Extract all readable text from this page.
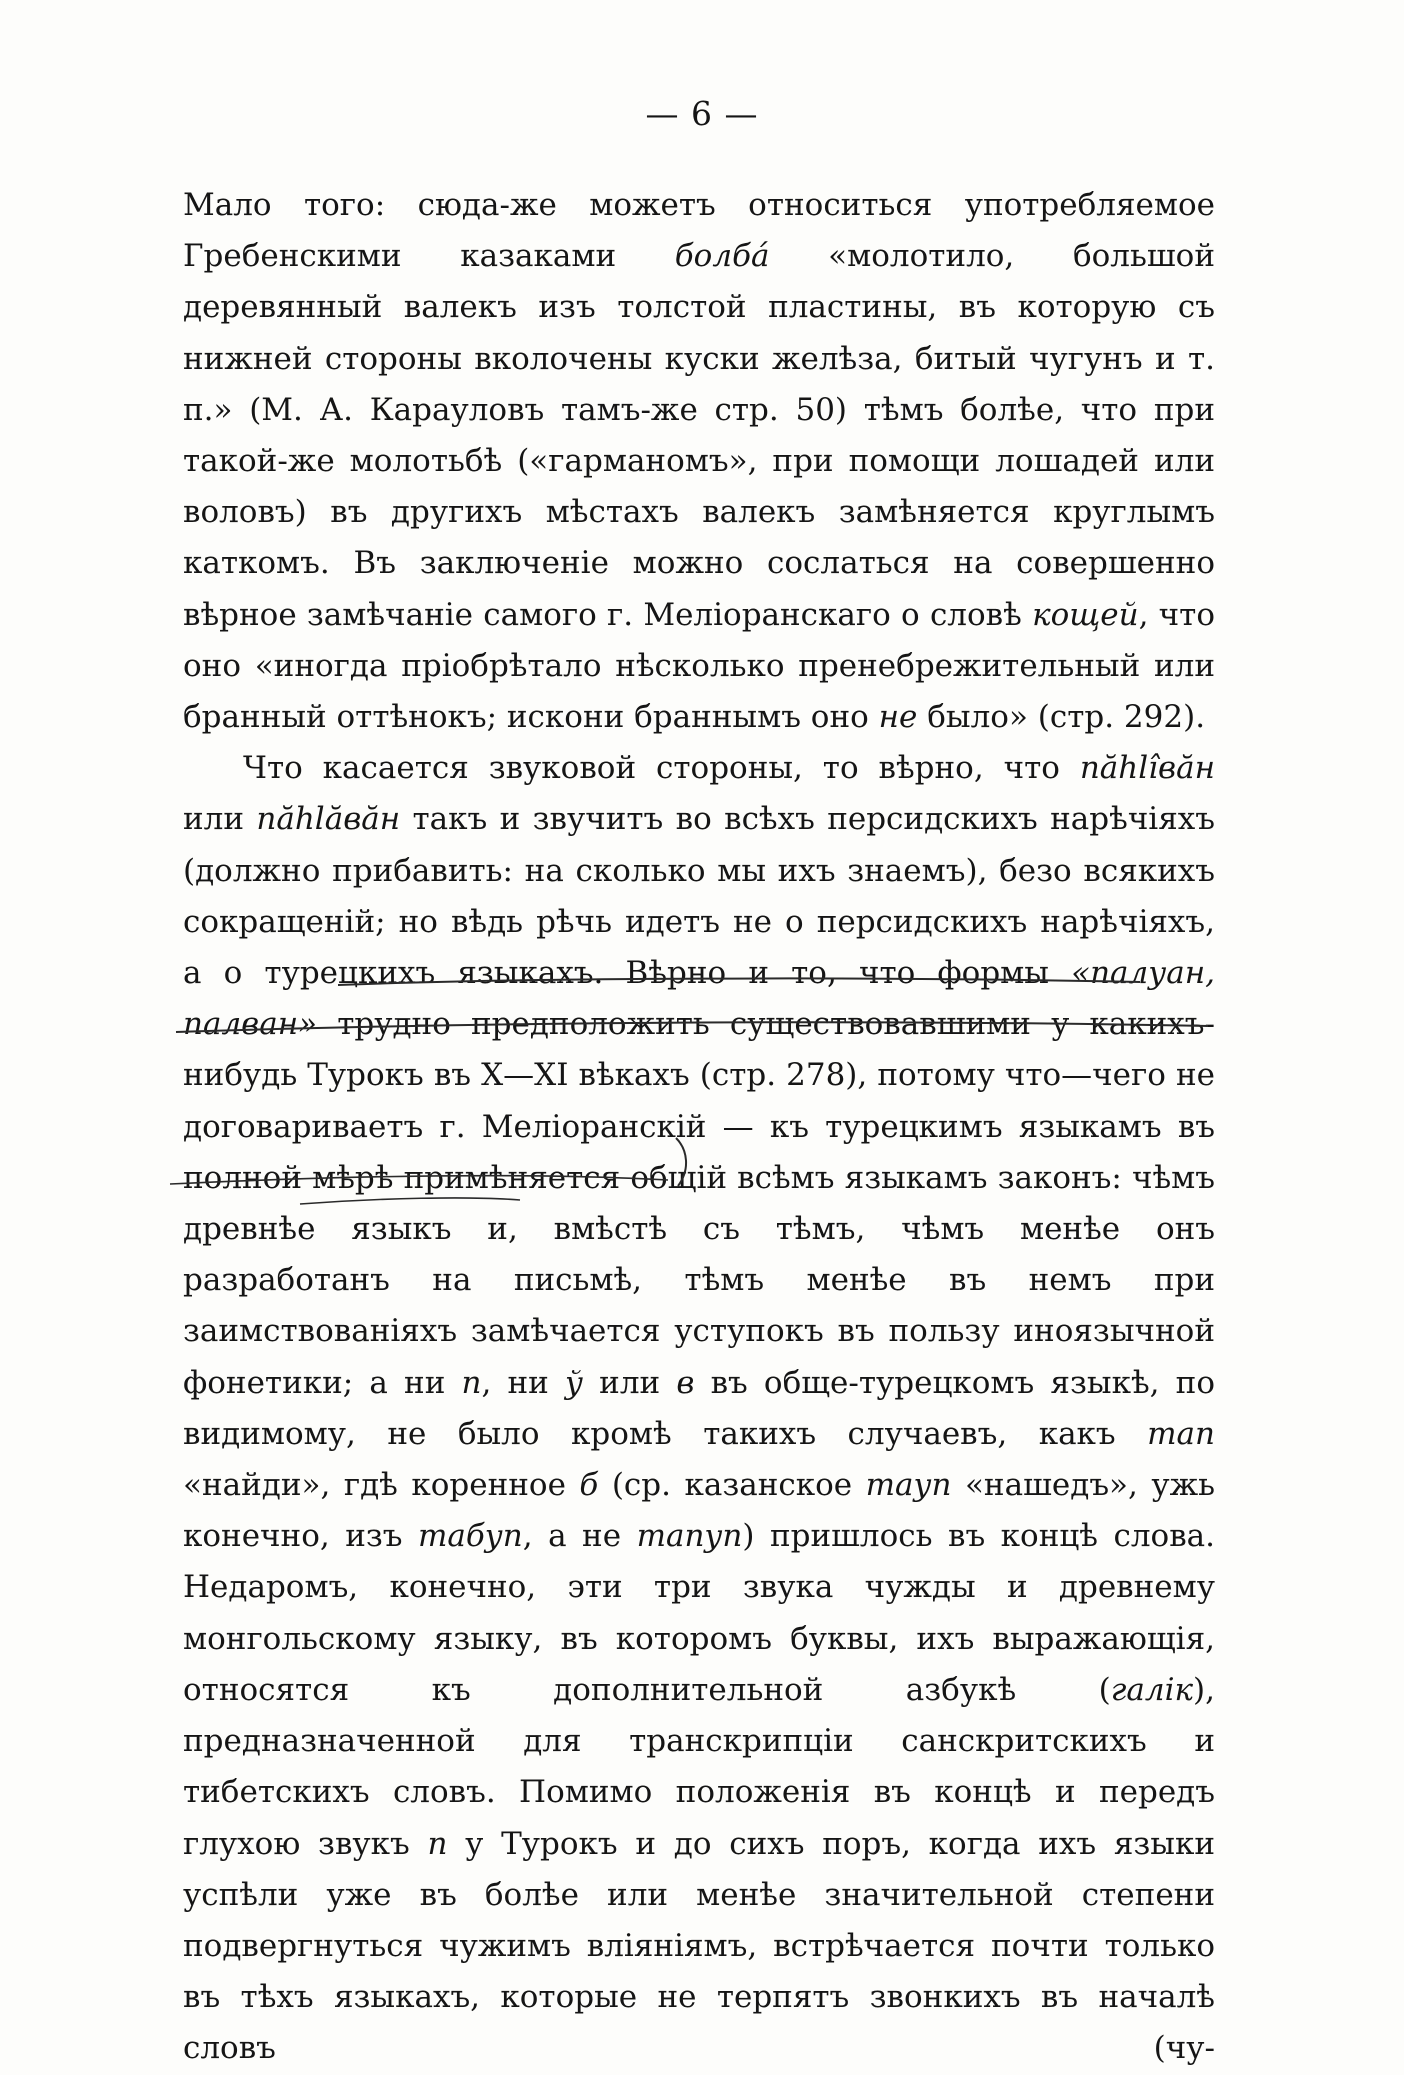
— 6 —

Мало того: сюда-же можетъ относиться употребляемое Гребенскими казаками болба́ «молотило, большой деревянный валекъ изъ толстой пластины, въ которую съ нижней стороны вколочены куски желѣза, битый чугунъ и т. п.» (М. А. Карауловъ тамъ-же стр. 50) тѣмъ болѣе, что при такой-же молотьбѣ («гарманомъ», при помощи лошадей или воловъ) въ другихъ мѣстахъ валекъ замѣняется круглымъ каткомъ. Въ заключеніе можно сослаться на совершенно вѣрное замѣчаніе самого г. Меліоранскаго о словѣ кощей, что оно «иногда пріобрѣтало нѣсколько пренебрежительный или бранный оттѣнокъ; искони браннымъ оно не было» (стр. 292).

Что касается звуковой стороны, то вѣрно, что пăhlîвăн или пăhlăвăн такъ и звучитъ во всѣхъ персидскихъ нарѣчіяхъ (должно прибавить: на сколько мы ихъ знаемъ), безо всякихъ сокращеній; но вѣдь рѣчь идетъ не о персидскихъ нарѣчіяхъ, а о турецкихъ языкахъ. Вѣрно и то, что формы «палуан, палван» трудно предположить существовавшими у какихъ-нибудь Турокъ въ X—XI вѣкахъ (стр. 278), потому что—чего не договариваетъ г. Меліоранскій — къ турецкимъ языкамъ въ полной мѣрѣ примѣняется общій всѣмъ языкамъ законъ: чѣмъ древнѣе языкъ и, вмѣстѣ съ тѣмъ, чѣмъ менѣе онъ разработанъ на письмѣ, тѣмъ менѣе въ немъ при заимствованіяхъ замѣчается уступокъ въ пользу иноязычной фонетики; а ни п, ни ў или в въ обще-турецкомъ языкѣ, по видимому, не было кромѣ такихъ случаевъ, какъ тап «найди», гдѣ коренное б (ср. казанское тауп «нашедъ», ужь конечно, изъ табуп, а не тапуп) пришлось въ концѣ слова. Недаромъ, конечно, эти три звука чужды и древнему монгольскому языку, въ которомъ буквы, ихъ выражающія, относятся къ дополнительной азбукѣ (галік), предназначенной для транскрипціи санскритскихъ и тибетскихъ словъ. Помимо положенія въ концѣ и передъ глухою звукъ п у Турокъ и до сихъ поръ, когда ихъ языки успѣли уже въ болѣе или менѣе значительной степени подвергнуться чужимъ вліяніямъ, встрѣчается почти только въ тѣхъ языкахъ, которые не терпятъ звонкихъ въ началѣ словъ (чу-
